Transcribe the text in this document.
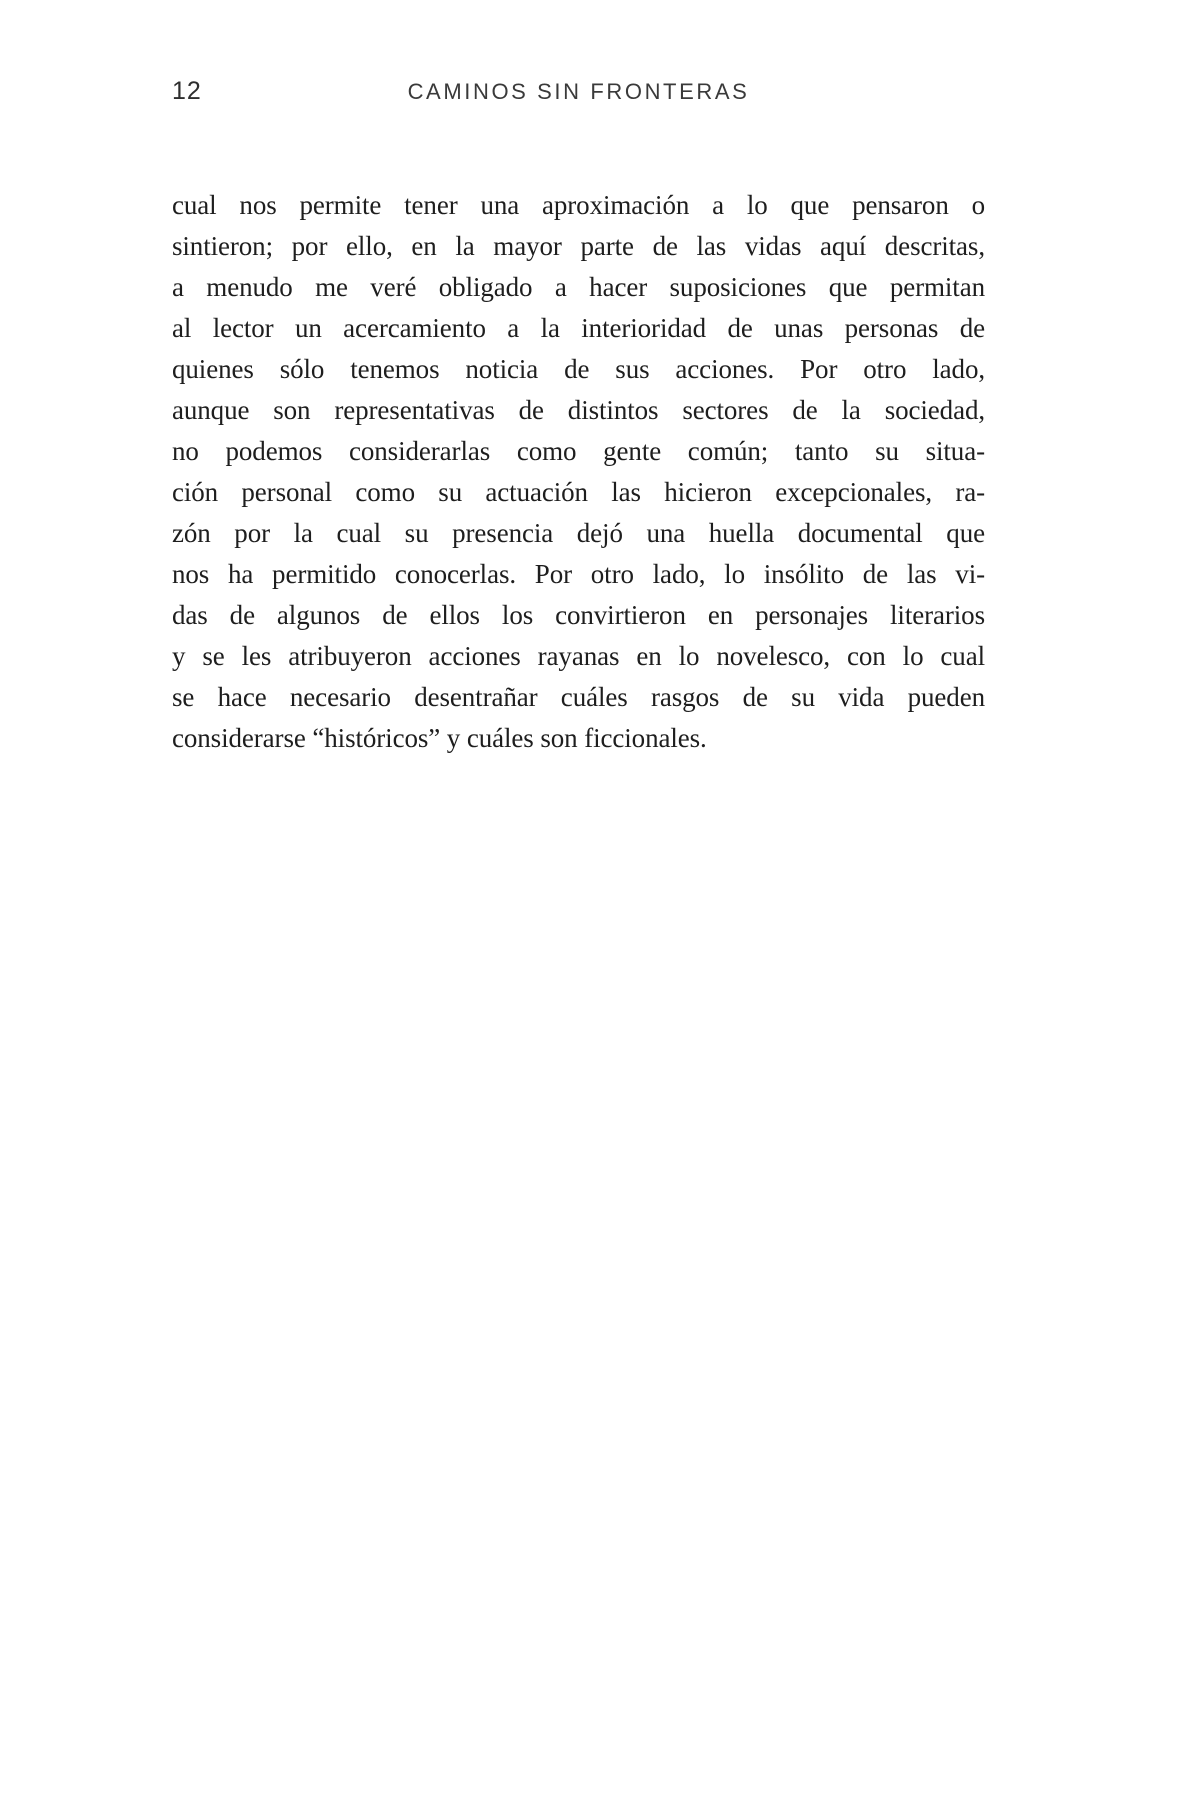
12	CAMINOS SIN FRONTERAS
cual nos permite tener una aproximación a lo que pensaron o
sintieron; por ello, en la mayor parte de las vidas aquí descritas,
a menudo me veré obligado a hacer suposiciones que permitan
al lector un acercamiento a la interioridad de unas personas de
quienes sólo tenemos noticia de sus acciones. Por otro lado,
aunque son representativas de distintos sectores de la sociedad,
no podemos considerarlas como gente común; tanto su situa-
ción personal como su actuación las hicieron excepcionales, ra-
zón por la cual su presencia dejó una huella documental que
nos ha permitido conocerlas. Por otro lado, lo insólito de las vi-
das de algunos de ellos los convirtieron en personajes literarios
y se les atribuyeron acciones rayanas en lo novelesco, con lo cual
se hace necesario desentrañar cuáles rasgos de su vida pueden
considerarse “históricos” y cuáles son ficcionales.
